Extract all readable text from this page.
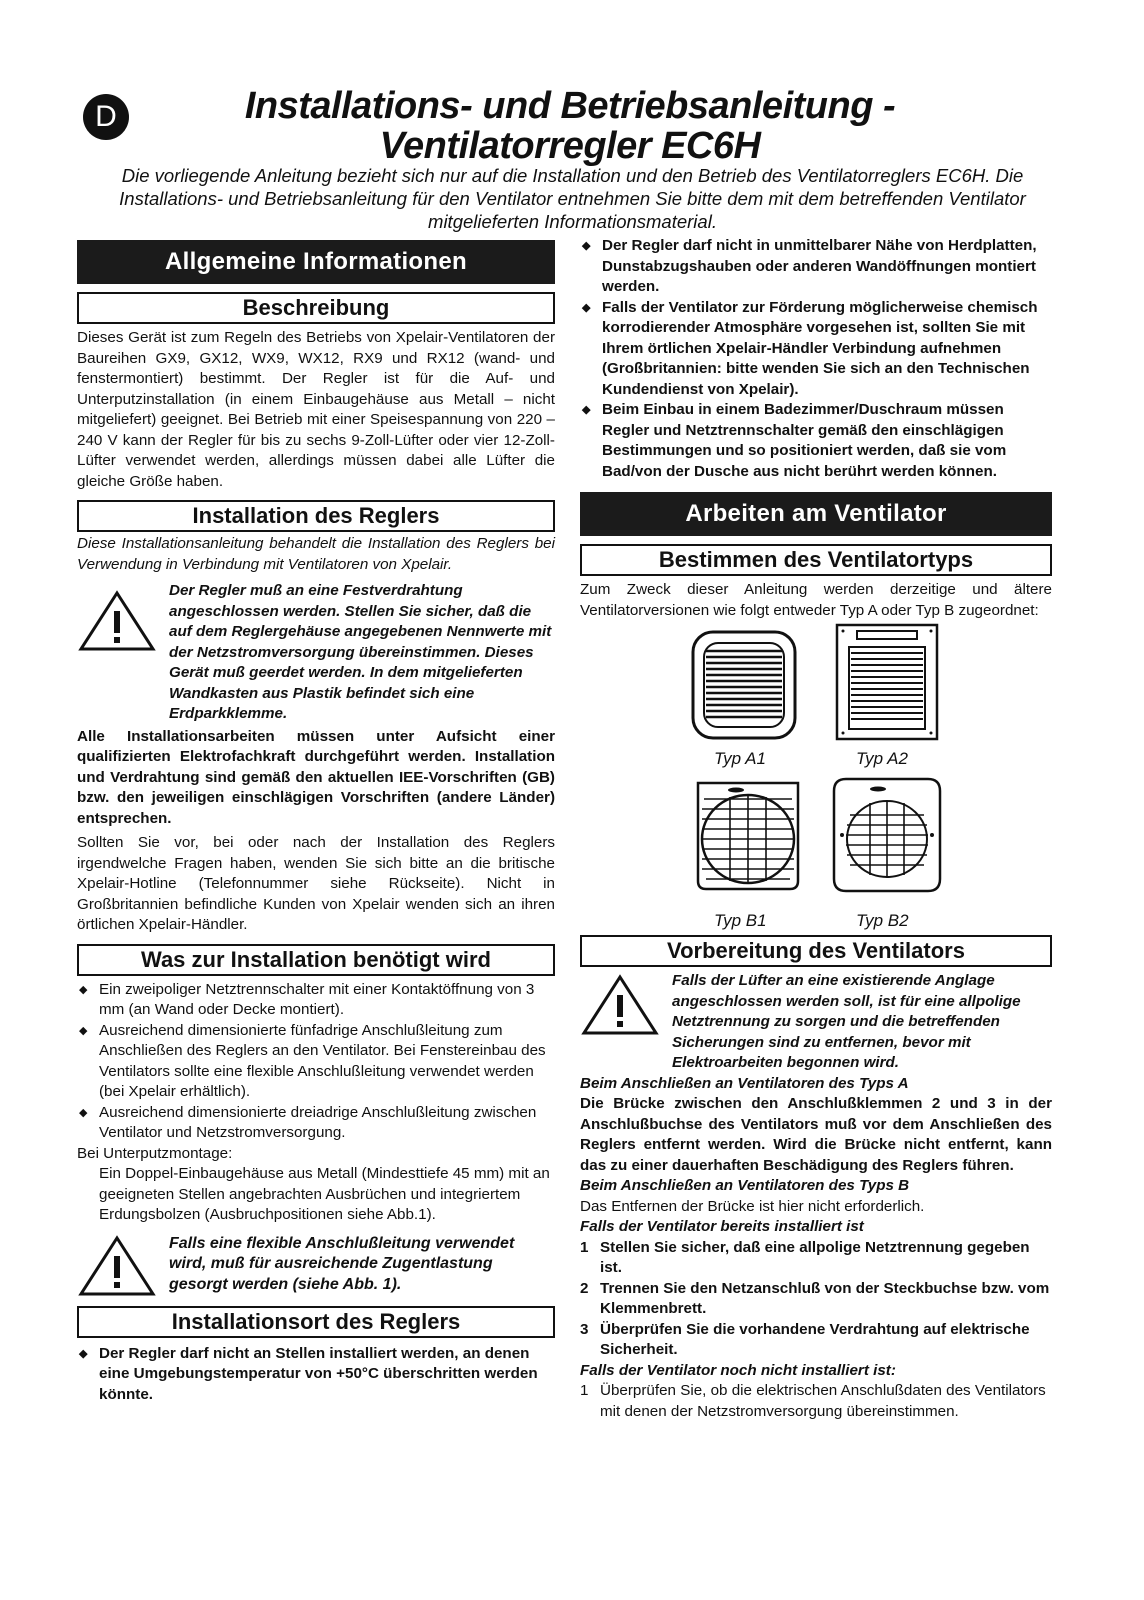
D	Installations- und Betriebsanleitung -
Ventilatorregler EC6H
Die vorliegende Anleitung bezieht sich nur auf die Installation und den Betrieb des Ventilatorreglers EC6H. Die Installations- und Betriebsanleitung für den Ventilator entnehmen Sie bitte dem mit dem betreffenden Ventilator mitgelieferten Informationsmaterial.
Allgemeine Informationen
Beschreibung

Dieses Gerät ist zum Regeln des Betriebs von Xpelair-Ventilatoren der Baureihen GX9, GX12, WX9, WX12, RX9 und RX12 (wand- und fenstermontiert) bestimmt. Der Regler ist für die Auf- und Unterputzinstallation (in einem Einbaugehäuse aus Metall – nicht mitgeliefert) geeignet. Bei Betrieb mit einer Speisespannung von 220 – 240 V kann der Regler für bis zu sechs 9-Zoll-Lüfter oder vier 12-Zoll-Lüfter verwendet werden, allerdings müssen dabei alle Lüfter die gleiche Größe haben.

Installation des Reglers

Diese Installationsanleitung behandelt die Installation des Reglers bei Verwendung in Verbindung mit Ventilatoren von Xpelair.

Der Regler muß an eine Festverdrahtung angeschlossen werden. Stellen Sie sicher, daß die auf dem Reglergehäuse angegebenen Nennwerte mit der Netzstromversorgung übereinstimmen. Dieses Gerät muß geerdet werden. In dem mitgelieferten Wandkasten aus Plastik befindet sich eine Erdparkklemme.

Alle Installationsarbeiten müssen unter Aufsicht einer qualifizierten Elektrofachkraft durchgeführt werden. Installation und Verdrahtung sind gemäß den aktuellen IEE-Vorschriften (GB) bzw. den jeweiligen einschlägigen Vorschriften (andere Länder) entsprechen.

Sollten Sie vor, bei oder nach der Installation des Reglers irgendwelche Fragen haben, wenden Sie sich bitte an die britische Xpelair-Hotline (Telefonnummer siehe Rückseite). Nicht in Großbritannien befindliche Kunden von Xpelair wenden sich an ihren örtlichen Xpelair-Händler.

Was zur Installation benötigt wird
◆ Ein zweipoliger Netztrennschalter mit einer Kontaktöffnung von 3 mm (an Wand oder Decke montiert).
◆ Ausreichend dimensionierte fünfadrige Anschlußleitung zum Anschließen des Reglers an den Ventilator. Bei Fenstereinbau des Ventilators sollte eine flexible Anschlußleitung verwendet werden (bei Xpelair erhältlich).
◆ Ausreichend dimensionierte dreiadrige Anschlußleitung zwischen Ventilator und Netzstromversorgung.
Bei Unterputzmontage:
Ein Doppel-Einbaugehäuse aus Metall (Mindesttiefe 45 mm) mit an geeigneten Stellen angebrachten Ausbrüchen und integriertem Erdungsbolzen (Ausbruchpositionen siehe Abb.1).
Falls eine flexible Anschlußleitung verwendet wird, muß für ausreichende Zugentlastung gesorgt werden (siehe Abb. 1).
Installationsort des Reglers
◆ Der Regler darf nicht an Stellen installiert werden, an denen eine Umgebungstemperatur von +50°C überschritten werden könnte.
◆ Der Regler darf nicht in unmittelbarer Nähe von Herdplatten, Dunstabzugshauben oder anderen Wandöffnungen montiert werden.
◆ Falls der Ventilator zur Förderung möglicherweise chemisch korrodierender Atmosphäre vorgesehen ist, sollten Sie mit Ihrem örtlichen Xpelair-Händler Verbindung aufnehmen (Großbritannien: bitte wenden Sie sich an den Technischen Kundendienst von Xpelair).
◆ Beim Einbau in einem Badezimmer/Duschraum müssen Regler und Netztrennschalter gemäß den einschlägigen Bestimmungen und so positioniert werden, daß sie vom Bad/von der Dusche aus nicht berührt werden können.
Arbeiten am Ventilator
Bestimmen des Ventilatortyps

Zum Zweck dieser Anleitung werden derzeitige und ältere Ventilatorversionen wie folgt entweder Typ A oder Typ B zugeordnet:

Typ A1	Typ A2
Typ B1	Typ B2
Vorbereitung des Ventilators
Falls der Lüfter an eine existierende Anglage angeschlossen werden soll, ist für eine allpolige Netztrennung zu sorgen und die betreffenden Sicherungen sind zu entfernen, bevor mit Elektroarbeiten begonnen wird.
Beim Anschließen an Ventilatoren des Typs A

Die Brücke zwischen den Anschlußklemmen 2 und 3 in der Anschlußbuchse des Ventilators muß vor dem Anschließen des Reglers entfernt werden. Wird die Brücke nicht entfernt, kann das zu einer dauerhaften Beschädigung des Reglers führen.

Beim Anschließen an Ventilatoren des Typs B
Das Entfernen der Brücke ist hier nicht erforderlich.
Falls der Ventilator bereits installiert ist
1 Stellen Sie sicher, daß eine allpolige Netztrennung gegeben ist.
2 Trennen Sie den Netzanschluß von der Steckbuchse bzw. vom Klemmenbrett.
3 Überprüfen Sie die vorhandene Verdrahtung auf elektrische Sicherheit.
Falls der Ventilator noch nicht installiert ist:
1 Überprüfen Sie, ob die elektrischen Anschlußdaten des Ventilators mit denen der Netzstromversorgung übereinstimmen.
